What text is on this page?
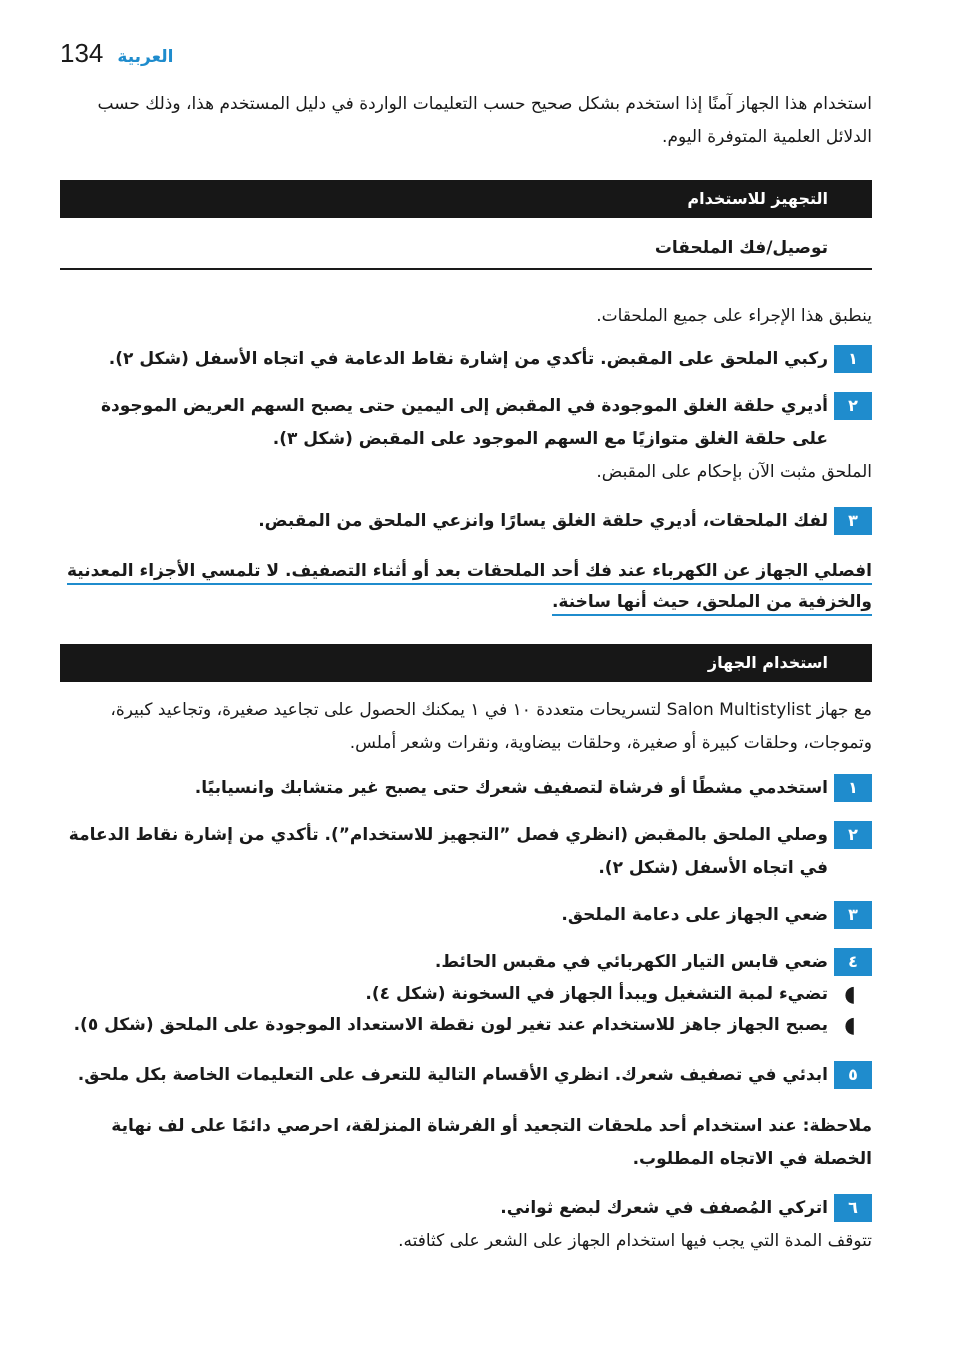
134 العربية

استخدام هذا الجهاز آمنًا إذا استخدم بشكل صحيح حسب التعليمات الواردة في دليل المستخدم هذا، وذلك حسب الدلائل العلمية المتوفرة اليوم.

التجهيز للاستخدام
توصيل/فك الملحقات

ينطبق هذا الإجراء على جميع الملحقات.

١

ركبي الملحق على المقبض. تأكدي من إشارة نقاط الدعامة في اتجاه الأسفل (شكل ٢).

٢

أديري حلقة الغلق الموجودة في المقبض إلى اليمين حتى يصبح السهم العريض الموجودة على حلقة الغلق متوازيًا مع السهم الموجود على المقبض (شكل ٣).

الملحق مثبت الآن بإحكام على المقبض.

٣

لفك الملحقات، أديري حلقة الغلق يسارًا وانزعي الملحق من المقبض.

افصلي الجهاز عن الكهرباء عند فك أحد الملحقات بعد أو أثناء التصفيف. لا تلمسي الأجزاء المعدنية

والخزفية من الملحق، حيث أنها ساخنة.

استخدام الجهاز

مع جهاز Salon Multistylist لتسريحات متعددة ١٠ في ١ يمكنك الحصول على تجاعيد صغيرة، وتجاعيد كبيرة، وتموجات، وحلقات كبيرة أو صغيرة، وحلقات بيضاوية، ونقرات وشعر أملس.

١

استخدمي مشطًا أو فرشاة لتصفيف شعرك حتى يصبح غير متشابك وانسيابيًا.

٢

وصلي الملحق بالمقبض (انظري فصل ”التجهيز للاستخدام”). تأكدي من إشارة نقاط الدعامة في اتجاه الأسفل (شكل ٢).

٣

ضعي الجهاز على دعامة الملحق.

٤

ضعي قابس التيار الكهربائي في مقبس الحائط.

◖

تضيء لمبة التشغيل ويبدأ الجهاز في السخونة (شكل ٤).

◖

يصبح الجهاز جاهز للاستخدام عند تغير لون نقطة الاستعداد الموجودة على الملحق (شكل ٥).

٥

ابدئي في تصفيف شعرك. انظري الأقسام التالية للتعرف على التعليمات الخاصة بكل ملحق.

ملاحظة: عند استخدام أحد ملحقات التجعيد أو الفرشاة المنزلقة، احرصي دائمًا على لف نهاية الخصلة في الاتجاه المطلوب.

٦

اتركي المُصفف في شعرك لبضع ثواني.

تتوقف المدة التي يجب فيها استخدام الجهاز على الشعر على كثافته.
